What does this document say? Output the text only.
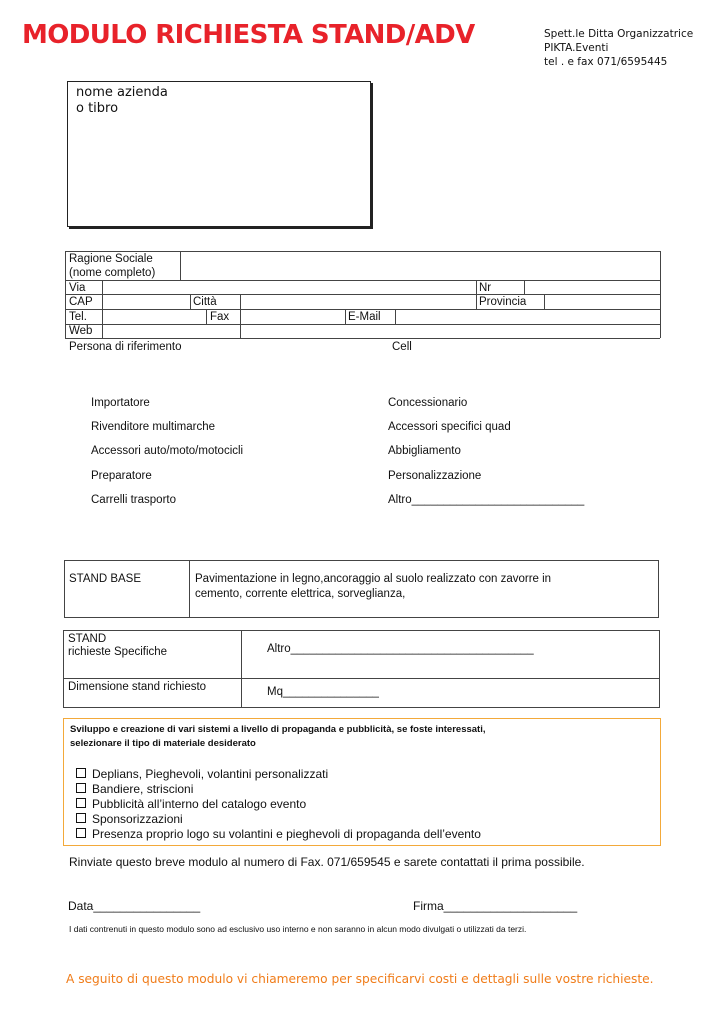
MODULO RICHIESTA STAND/ADV	Spett.le Ditta Organizzatrice
PIKTA.Eventi
tel . e fax 071/6595445
nome azienda
o tibro
Ragione Sociale
(nome completo)
Via	Nr
CAP	Città	Provincia
Tel.	Fax	E-Mail
Web
Persona di riferimento	Cell
Importatore
Rivenditore multimarche
Accessori auto/moto/motocicli
Preparatore
Carrelli trasporto
Concessionario
Accessori specifici quad
Abbigliamento
Personalizzazione
Altro___________________________
STAND BASE	Pavimentazione in legno,ancoraggio al suolo realizzato con zavorre in
cemento, corrente elettrica, sorveglianza,
STAND
richieste Specifiche	Altro______________________________________
Dimensione stand richiesto	Mq_______________
Sviluppo e creazione di vari sistemi a livello di propaganda e pubblicità, se foste interessati,
selezionare il tipo di materiale desiderato
Deplians, Pieghevoli, volantini personalizzati
Bandiere, striscioni
Pubblicità all’interno del catalogo evento
Sponsorizzazioni
Presenza proprio logo su volantini e pieghevoli di propaganda dell’evento
Rinviate questo breve modulo al numero di Fax. 071/659545 e sarete contattati il prima possibile.
Data________________	Firma____________________
I dati contrenuti in questo modulo sono ad esclusivo uso interno e non saranno in alcun modo divulgati o utilizzati da terzi.
A seguito di questo modulo vi chiameremo per specificarvi costi e dettagli sulle vostre richieste.
